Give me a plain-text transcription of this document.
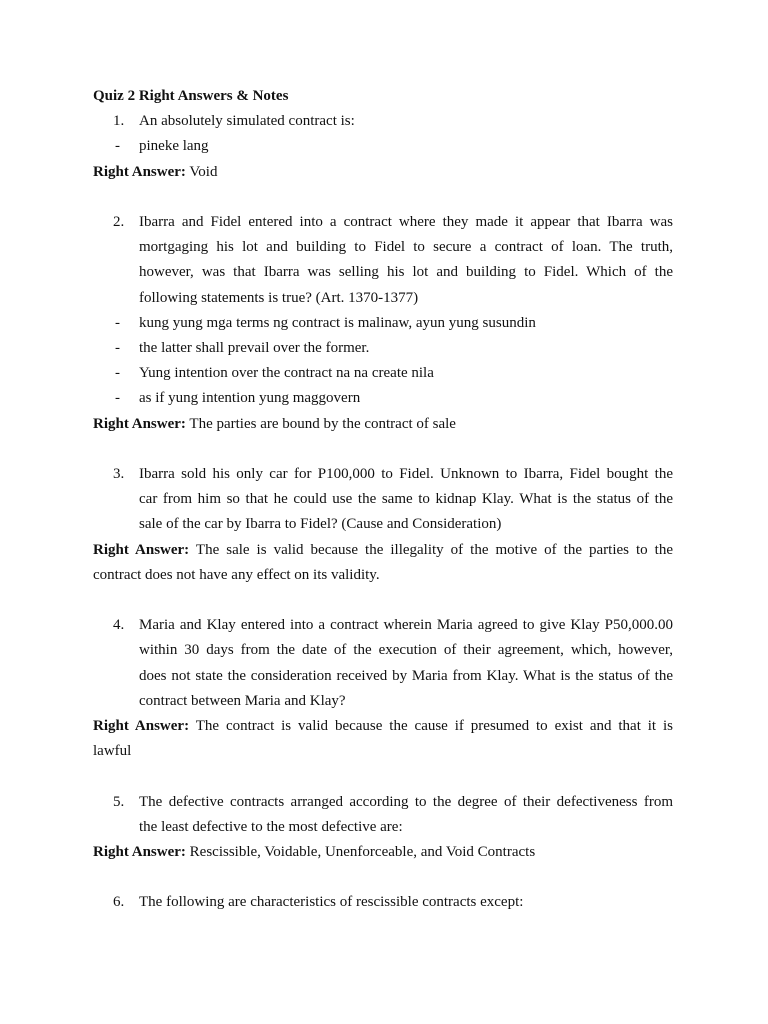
Quiz 2 Right Answers & Notes
1. An absolutely simulated contract is:
- pineke lang
Right Answer: Void
2. Ibarra and Fidel entered into a contract where they made it appear that Ibarra was
mortgaging his lot and building to Fidel to secure a contract of loan. The truth,
however, was that Ibarra was selling his lot and building to Fidel. Which of the
following statements is true? (Art. 1370-1377)
- kung yung mga terms ng contract is malinaw, ayun yung susundin
- the latter shall prevail over the former.
- Yung intention over the contract na na create nila
- as if yung intention yung maggovern
Right Answer: The parties are bound by the contract of sale
3. Ibarra sold his only car for P100,000 to Fidel. Unknown to Ibarra, Fidel bought the
car from him so that he could use the same to kidnap Klay. What is the status of the
sale of the car by Ibarra to Fidel? (Cause and Consideration)
Right Answer: The sale is valid because the illegality of the motive of the parties to the
contract does not have any effect on its validity.
4. Maria and Klay entered into a contract wherein Maria agreed to give Klay P50,000.00
within 30 days from the date of the execution of their agreement, which, however,
does not state the consideration received by Maria from Klay. What is the status of the
contract between Maria and Klay?
Right Answer: The contract is valid because the cause if presumed to exist and that it is
lawful
5. The defective contracts arranged according to the degree of their defectiveness from
the least defective to the most defective are:
Right Answer: Rescissible, Voidable, Unenforceable, and Void Contracts
6. The following are characteristics of rescissible contracts except:
